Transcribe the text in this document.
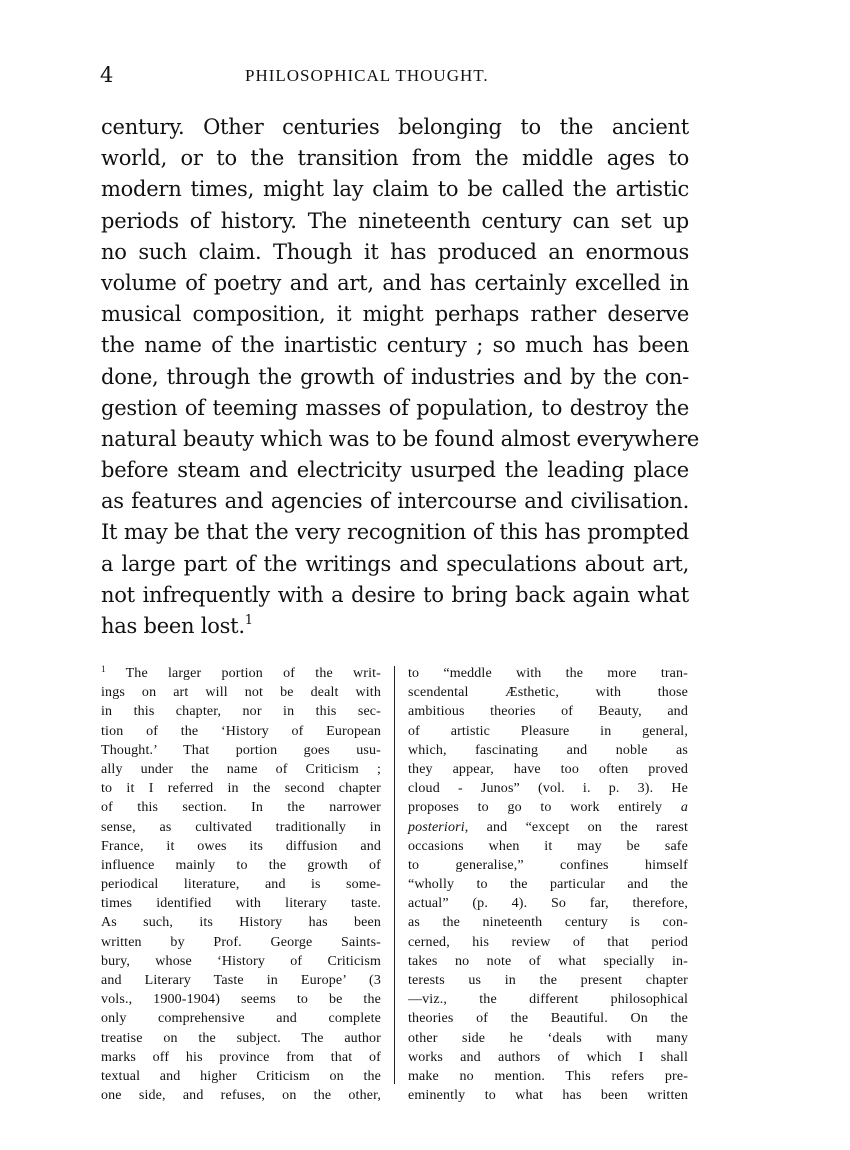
4	PHILOSOPHICAL THOUGHT.
century. Other centuries belonging to the ancient
world, or to the transition from the middle ages to
modern times, might lay claim to be called the artistic
periods of history. The nineteenth century can set up
no such claim. Though it has produced an enormous
volume of poetry and art, and has certainly excelled in
musical composition, it might perhaps rather deserve
the name of the inartistic century ; so much has been
done, through the growth of industries and by the con-
gestion of teeming masses of population, to destroy the
natural beauty which was to be found almost everywhere
before steam and electricity usurped the leading place
as features and agencies of intercourse and civilisation.
It may be that the very recognition of this has prompted
a large part of the writings and speculations about art,
not infrequently with a desire to bring back again what
has been lost.$^1$
$^1$ The larger portion of the writ-
ings on art will not be dealt with
in this chapter, nor in this sec-
tion of the ‘History of European
Thought.’ That portion goes usu-
ally under the name of Criticism ;
to it I referred in the second chapter
of this section. In the narrower
sense, as cultivated traditionally in
France, it owes its diffusion and
influence mainly to the growth of
periodical literature, and is some-
times identified with literary taste.
As such, its History has been
written by Prof. George Saints-
bury, whose ‘History of Criticism
and Literary Taste in Europe’ (3
vols., 1900-1904) seems to be the
only comprehensive and complete
treatise on the subject. The author
marks off his province from that of
textual and higher Criticism on the
one side, and refuses, on the other,
to “meddle with the more tran-
scendental Æsthetic, with those
ambitious theories of Beauty, and
of artistic Pleasure in general,
which, fascinating and noble as
they appear, have too often proved
cloud - Junos” (vol. i. p. 3). He
proposes to go to work entirely a
posteriori, and “except on the rarest
occasions when it may be safe
to generalise,” confines himself
“wholly to the particular and the
actual” (p. 4). So far, therefore,
as the nineteenth century is con-
cerned, his review of that period
takes no note of what specially in-
terests us in the present chapter
—viz., the different philosophical
theories of the Beautiful. On the
other side he ‘deals with many
works and authors of which I shall
make no mention. This refers pre-
eminently to what has been written
